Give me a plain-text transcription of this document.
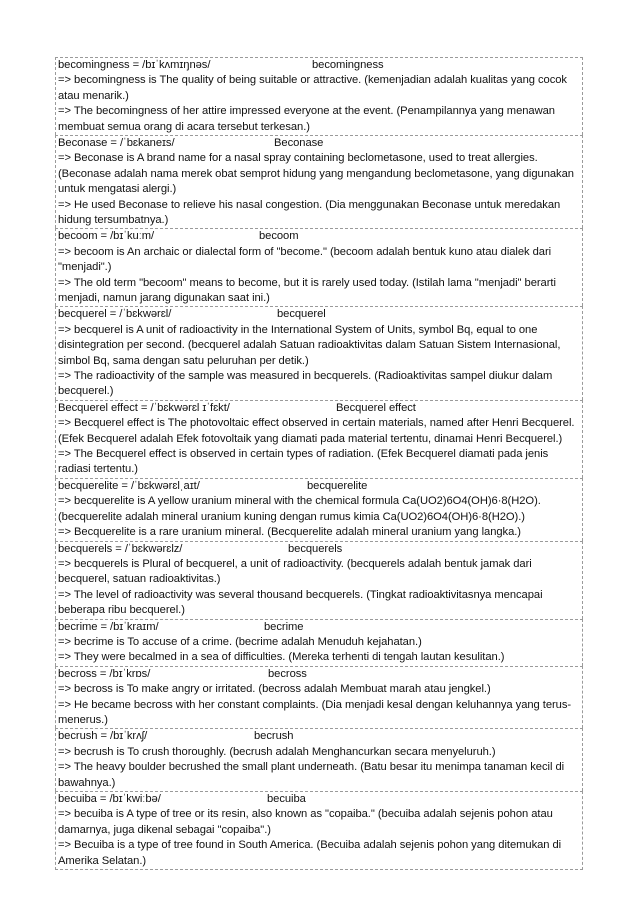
becomingness = /bɪˈkʌmɪŋnəs/	becomingness
=> becomingness is The quality of being suitable or attractive. (kemenjadian adalah kualitas yang cocok atau menarik.)
=> The becomingness of her attire impressed everyone at the event. (Penampilannya yang menawan membuat semua orang di acara tersebut terkesan.)
Beconase = /ˈbɛkaneɪs/	Beconase
=> Beconase is A brand name for a nasal spray containing beclometasone, used to treat allergies. (Beconase adalah nama merek obat semprot hidung yang mengandung beclometasone, yang digunakan untuk mengatasi alergi.)
=> He used Beconase to relieve his nasal congestion. (Dia menggunakan Beconase untuk meredakan hidung tersumbatnya.)
becoom = /bɪˈkuːm/	becoom
=> becoom is An archaic or dialectal form of "become." (becoom adalah bentuk kuno atau dialek dari "menjadi".)
=> The old term "becoom" means to become, but it is rarely used today. (Istilah lama "menjadi" berarti menjadi, namun jarang digunakan saat ini.)
becquerel = /ˈbɛkwərɛl/	becquerel
=> becquerel is A unit of radioactivity in the International System of Units, symbol Bq, equal to one disintegration per second. (becquerel adalah Satuan radioaktivitas dalam Satuan Sistem Internasional, simbol Bq, sama dengan satu peluruhan per detik.)
=> The radioactivity of the sample was measured in becquerels. (Radioaktivitas sampel diukur dalam becquerel.)
Becquerel effect = /ˈbɛkwərɛl ɪˈfɛkt/	Becquerel effect
=> Becquerel effect is The photovoltaic effect observed in certain materials, named after Henri Becquerel. (Efek Becquerel adalah Efek fotovoltaik yang diamati pada material tertentu, dinamai Henri Becquerel.)
=> The Becquerel effect is observed in certain types of radiation. (Efek Becquerel diamati pada jenis radiasi tertentu.)
becquerelite = /ˈbɛkwərɛlˌaɪt/	becquerelite
=> becquerelite is A yellow uranium mineral with the chemical formula Ca(UO2)6O4(OH)6·8(H2O). (becquerelite adalah mineral uranium kuning dengan rumus kimia Ca(UO2)6O4(OH)6·8(H2O).)
=> Becquerelite is a rare uranium mineral. (Becquerelite adalah mineral uranium yang langka.)
becquerels = /ˈbɛkwərɛlz/	becquerels
=> becquerels is Plural of becquerel, a unit of radioactivity. (becquerels adalah bentuk jamak dari becquerel, satuan radioaktivitas.)
=> The level of radioactivity was several thousand becquerels. (Tingkat radioaktivitasnya mencapai beberapa ribu becquerel.)
becrime = /bɪˈkraɪm/	becrime
=> becrime is To accuse of a crime. (becrime adalah Menuduh kejahatan.)
=> They were becalmed in a sea of difficulties. (Mereka terhenti di tengah lautan kesulitan.)
becross = /bɪˈkrɒs/	becross
=> becross is To make angry or irritated. (becross adalah Membuat marah atau jengkel.)
=> He became becross with her constant complaints. (Dia menjadi kesal dengan keluhannya yang terus-menerus.)
becrush = /bɪˈkrʌʃ/	becrush
=> becrush is To crush thoroughly. (becrush adalah Menghancurkan secara menyeluruh.)
=> The heavy boulder becrushed the small plant underneath. (Batu besar itu menimpa tanaman kecil di bawahnya.)
becuiba = /bɪˈkwiːbə/	becuiba
=> becuiba is A type of tree or its resin, also known as "copaiba." (becuiba adalah sejenis pohon atau damarnya, juga dikenal sebagai "copaiba".)
=> Becuiba is a type of tree found in South America. (Becuiba adalah sejenis pohon yang ditemukan di Amerika Selatan.)
